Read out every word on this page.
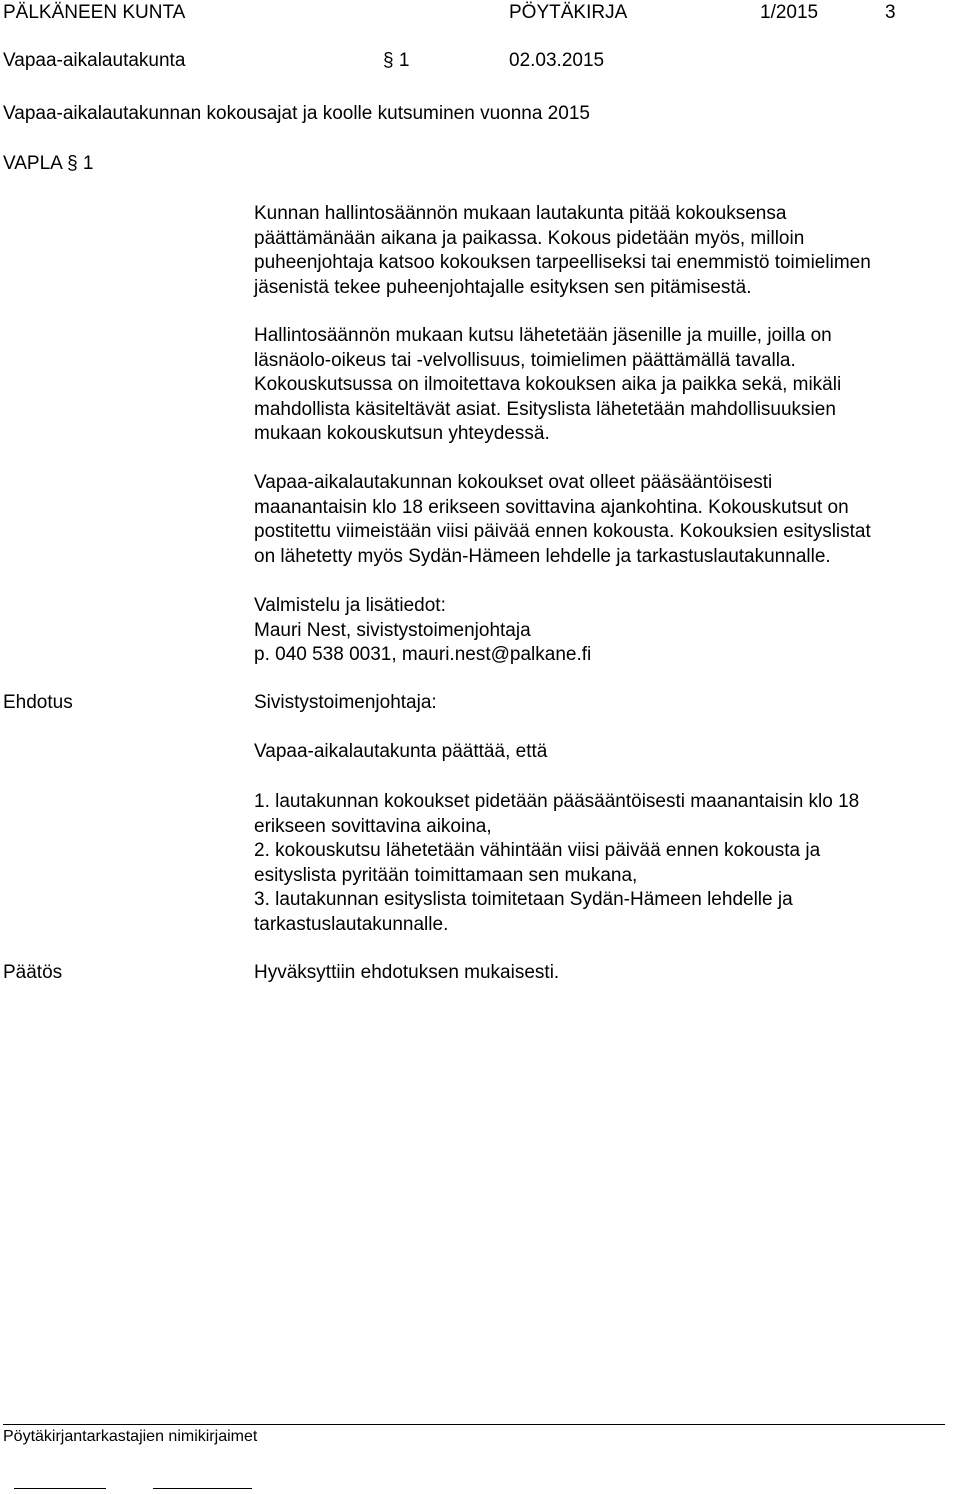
PÄLKÄNEEN KUNTA	PÖYTÄKIRJA	1/2015	3
Vapaa-aikalautakunta	§ 1	02.03.2015
Vapaa-aikalautakunnan kokousajat ja koolle kutsuminen vuonna 2015
VAPLA § 1
Kunnan hallintosäännön mukaan lautakunta pitää kokouksensa
päättämänään aikana ja paikassa. Kokous pidetään myös, milloin
puheenjohtaja katsoo kokouksen tarpeelliseksi tai enemmistö toimielimen
jäsenistä tekee puheenjohtajalle esityksen sen pitämisestä.
Hallintosäännön mukaan kutsu lähetetään jäsenille ja muille, joilla on
läsnäolo-oikeus tai -velvollisuus, toimielimen päättämällä tavalla.
Kokouskutsussa on ilmoitettava kokouksen aika ja paikka sekä, mikäli
mahdollista käsiteltävät asiat. Esityslista lähetetään mahdollisuuksien
mukaan kokouskutsun yhteydessä.
Vapaa-aikalautakunnan kokoukset ovat olleet pääsääntöisesti
maanantaisin klo 18 erikseen sovittavina ajankohtina. Kokouskutsut on
postitettu viimeistään viisi päivää ennen kokousta. Kokouksien esityslistat
on lähetetty myös Sydän-Hämeen lehdelle ja tarkastuslautakunnalle.
Valmistelu ja lisätiedot:
Mauri Nest, sivistystoimenjohtaja
p. 040 538 0031, mauri.nest@palkane.fi
Ehdotus	Sivistystoimenjohtaja:
Vapaa-aikalautakunta päättää, että
1. lautakunnan kokoukset pidetään pääsääntöisesti maanantaisin klo 18
erikseen sovittavina aikoina,
2. kokouskutsu lähetetään vähintään viisi päivää ennen kokousta ja
esityslista pyritään toimittamaan sen mukana,
3. lautakunnan esityslista toimitetaan Sydän-Hämeen lehdelle ja
tarkastuslautakunnalle.
Päätös	Hyväksyttiin ehdotuksen mukaisesti.
Pöytäkirjantarkastajien nimikirjaimet
